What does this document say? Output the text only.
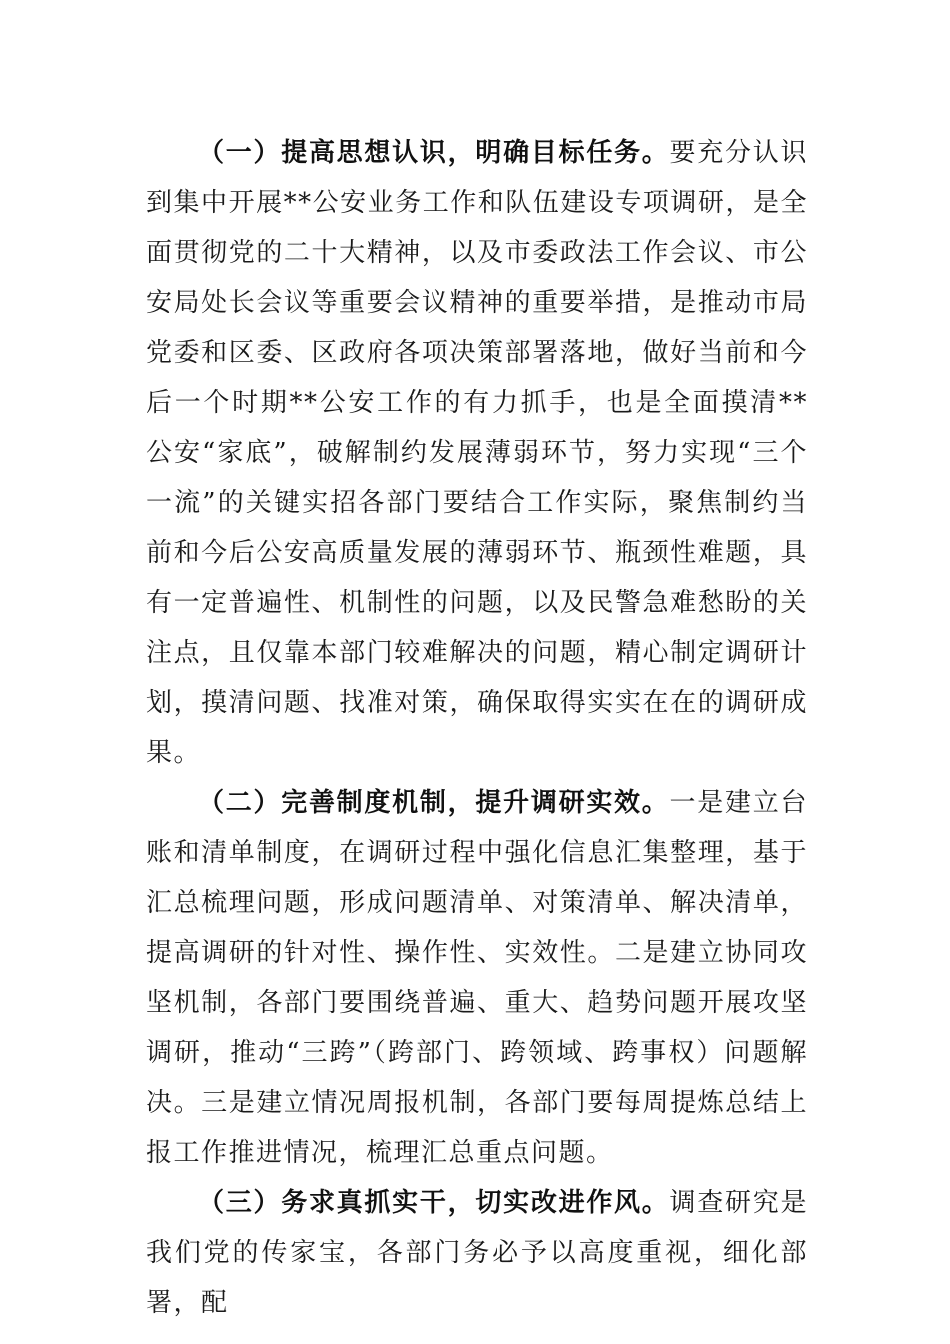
（一）提高思想认识，明确目标任务。要充分认识到集中开展**公安业务工作和队伍建设专项调研，是全面贯彻党的二十大精神，以及市委政法工作会议、市公安局处长会议等重要会议精神的重要举措，是推动市局党委和区委、区政府各项决策部署落地，做好当前和今后一个时期**公安工作的有力抓手，也是全面摸清**公安“家底”，破解制约发展薄弱环节，努力实现“三个一流”的关键实招各部门要结合工作实际，聚焦制约当前和今后公安高质量发展的薄弱环节、瓶颈性难题，具有一定普遍性、机制性的问题，以及民警急难愁盼的关注点，且仅靠本部门较难解决的问题，精心制定调研计划，摸清问题、找准对策，确保取得实实在在的调研成果。

（二）完善制度机制，提升调研实效。一是建立台账和清单制度，在调研过程中强化信息汇集整理，基于汇总梳理问题，形成问题清单、对策清单、解决清单，提高调研的针对性、操作性、实效性。二是建立协同攻坚机制，各部门要围绕普遍、重大、趋势问题开展攻坚调研，推动“三跨”（跨部门、跨领域、跨事权）问题解决。三是建立情况周报机制，各部门要每周提炼总结上报工作推进情况，梳理汇总重点问题。

（三）务求真抓实干，切实改进作风。调查研究是我们党的传家宝，各部门务必予以高度重视，细化部署，配
